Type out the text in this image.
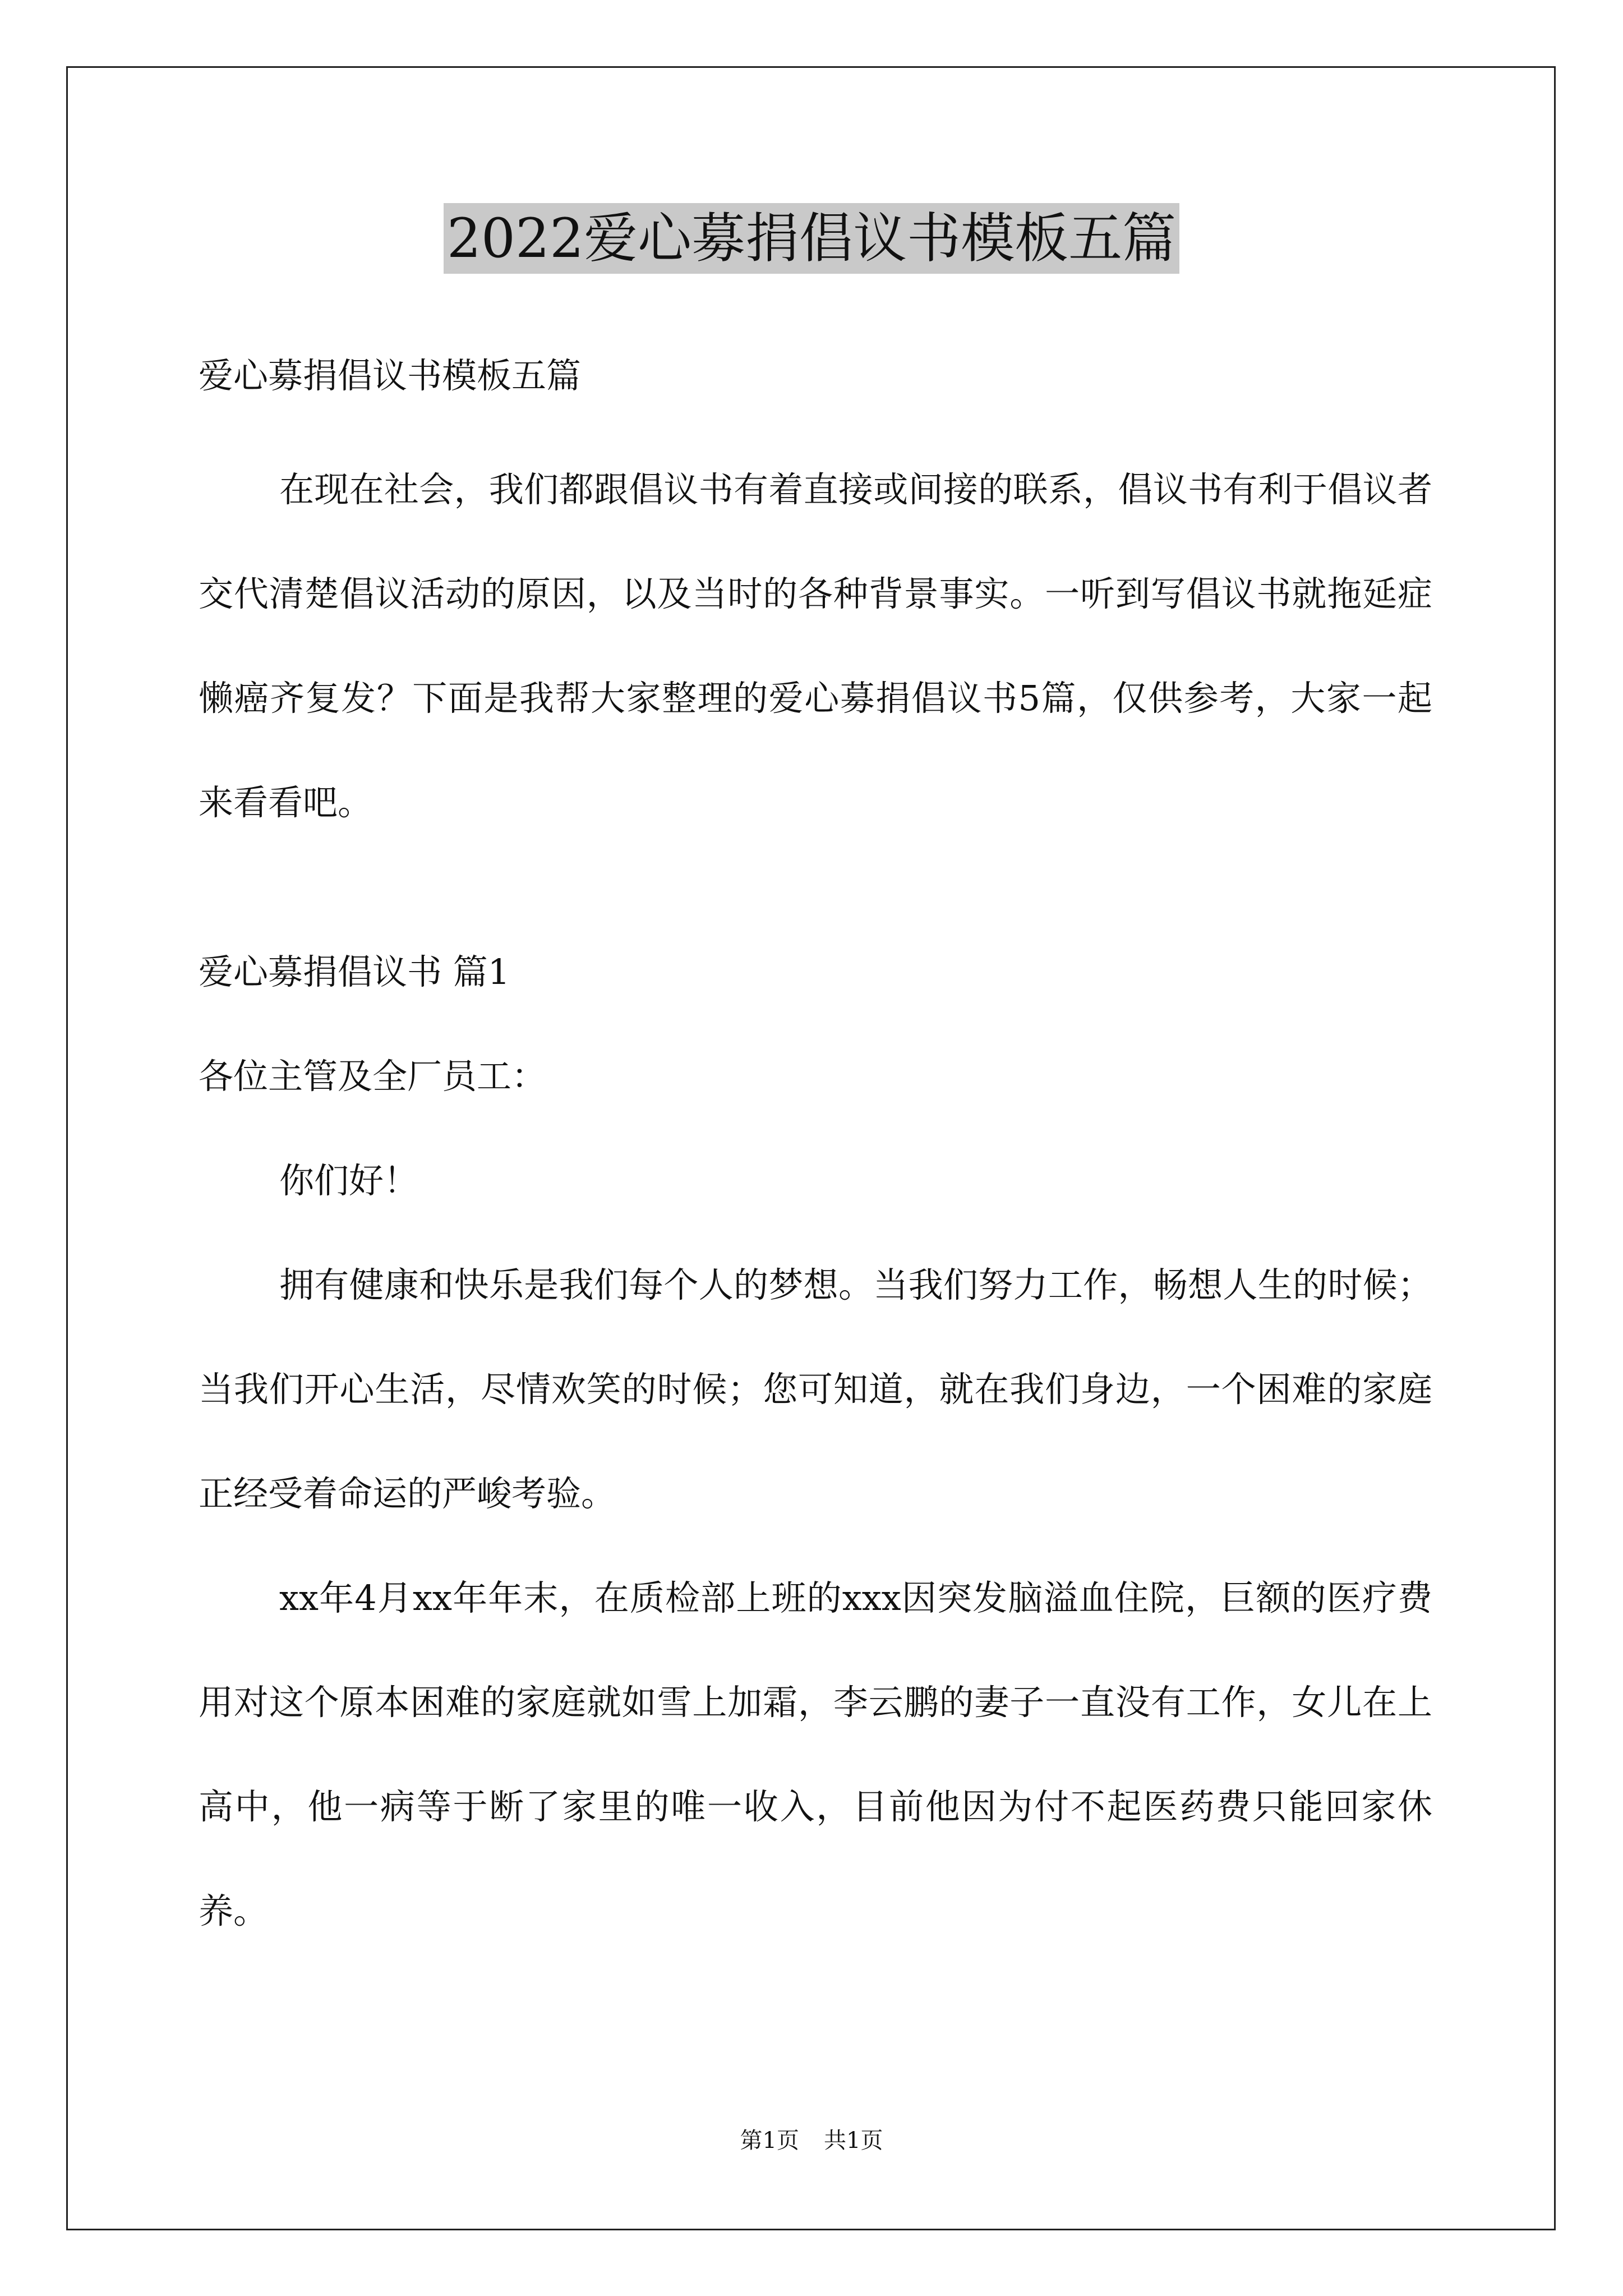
2022爱心募捐倡议书模板五篇

爱心募捐倡议书模板五篇

在现在社会，我们都跟倡议书有着直接或间接的联系，倡议书有利于倡议者交代清楚倡议活动的原因，以及当时的各种背景事实。一听到写倡议书就拖延症懒癌齐复发？下面是我帮大家整理的爱心募捐倡议书5篇，仅供参考，大家一起来看看吧。

爱心募捐倡议书 篇1

各位主管及全厂员工：

你们好！

拥有健康和快乐是我们每个人的梦想。当我们努力工作，畅想人生的时候；当我们开心生活，尽情欢笑的时候；您可知道，就在我们身边，一个困难的家庭正经受着命运的严峻考验。

xx年4月xx年年末，在质检部上班的xxx因突发脑溢血住院，巨额的医疗费用对这个原本困难的家庭就如雪上加霜，李云鹏的妻子一直没有工作，女儿在上高中，他一病等于断了家里的唯一收入，目前他因为付不起医药费只能回家休养。

第1页 共1页
